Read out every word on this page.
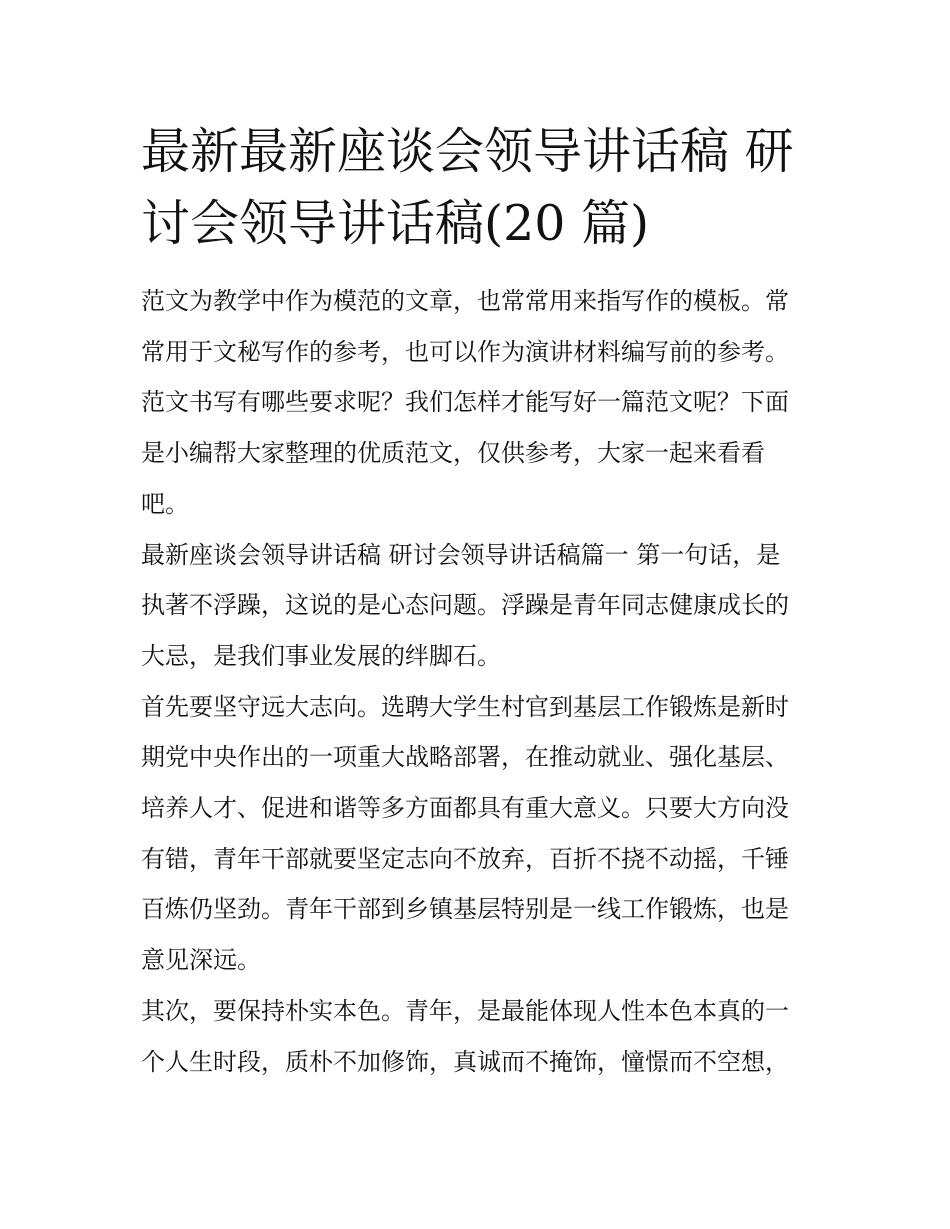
最新最新座谈会领导讲话稿 研
讨会领导讲话稿(20 篇)

范文为教学中作为模范的文章，也常常用来指写作的模板。常
常用于文秘写作的参考，也可以作为演讲材料编写前的参考。
范文书写有哪些要求呢？我们怎样才能写好一篇范文呢？下面
是小编帮大家整理的优质范文，仅供参考，大家一起来看看
吧。

最新座谈会领导讲话稿 研讨会领导讲话稿篇一 第一句话，是
执著不浮躁，这说的是心态问题。浮躁是青年同志健康成长的
大忌，是我们事业发展的绊脚石。

首先要坚守远大志向。选聘大学生村官到基层工作锻炼是新时
期党中央作出的一项重大战略部署，在推动就业、强化基层、
培养人才、促进和谐等多方面都具有重大意义。只要大方向没
有错，青年干部就要坚定志向不放弃，百折不挠不动摇，千锤
百炼仍坚劲。青年干部到乡镇基层特别是一线工作锻炼，也是
意见深远。

其次，要保持朴实本色。青年，是最能体现人性本色本真的一
个人生时段，质朴不加修饰，真诚而不掩饰，憧憬而不空想，
